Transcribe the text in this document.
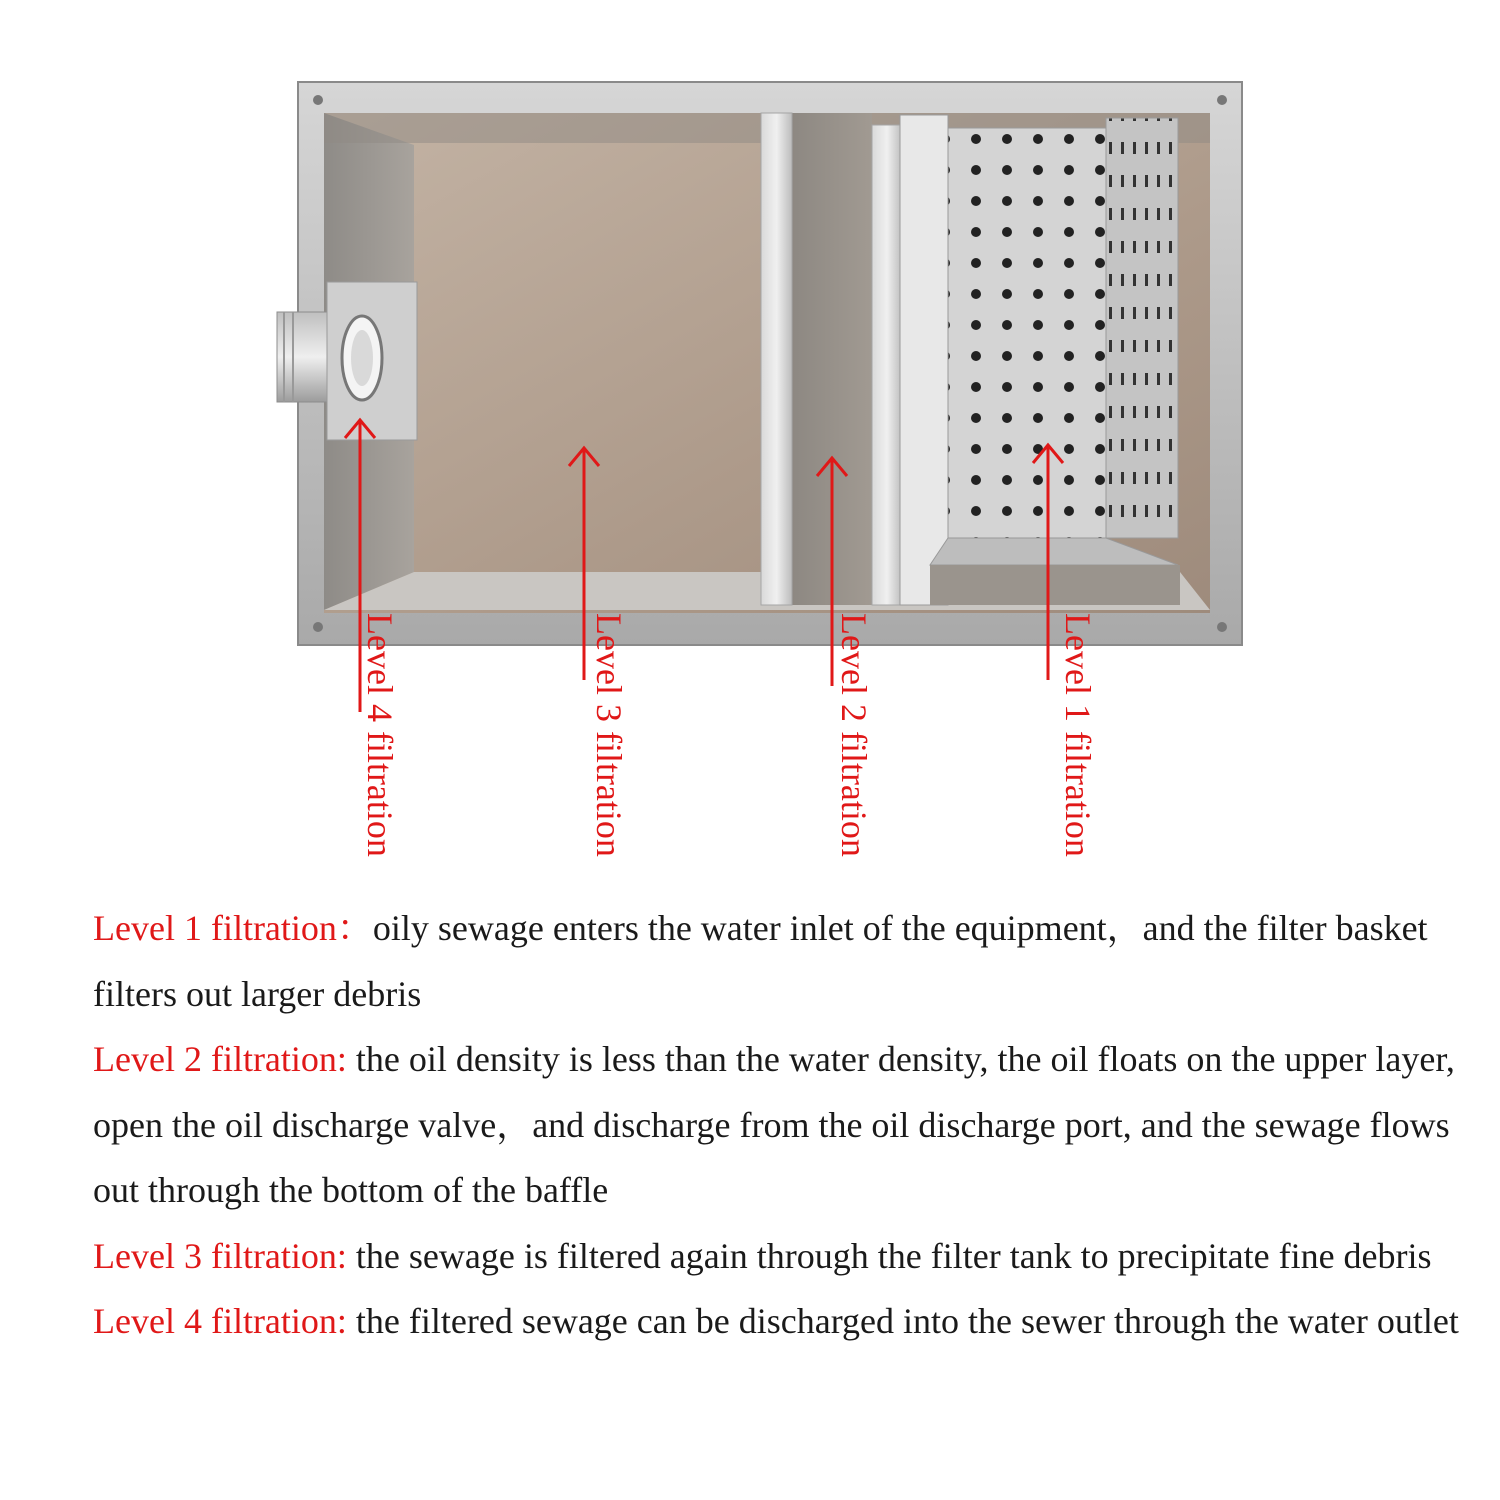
Level 4 filtration	Level 3 filtration	Level 2 filtration	Level 1 filtration

Level 1 filtration：oily sewage enters the water inlet of the equipment，and the filter basket filters out larger debris

Level 2 filtration: the oil density is less than the water density, the oil floats on the upper layer, open the oil discharge valve，and discharge from the oil discharge port, and the sewage flows out through the bottom of the baffle

Level 3 filtration: the sewage is filtered again through the filter tank to precipitate fine debris

Level 4 filtration: the filtered sewage can be discharged into the sewer through the water outlet
